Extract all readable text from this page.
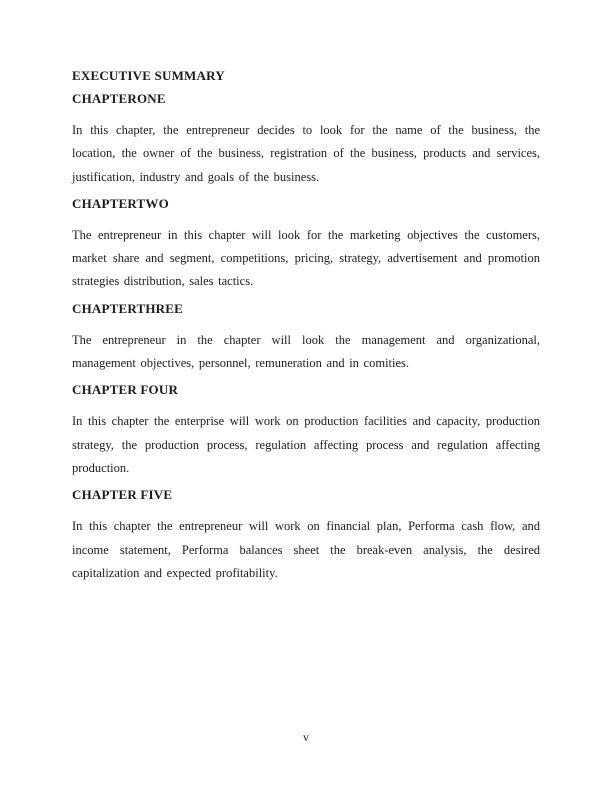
EXECUTIVE SUMMARY
CHAPTERONE

In this chapter, the entrepreneur decides to look for the name of the business, the location, the owner of the business, registration of the business, products and services, justification, industry and goals of the business.

CHAPTERTWO

The entrepreneur in this chapter will look for the marketing objectives the customers, market share and segment, competitions, pricing, strategy, advertisement and promotion strategies distribution, sales tactics.

CHAPTERTHREE

The entrepreneur in the chapter will look the management and organizational, management objectives, personnel, remuneration and in comities.

CHAPTER FOUR

In this chapter the enterprise will work on production facilities and capacity, production strategy, the production process, regulation affecting process and regulation affecting production.

CHAPTER FIVE

In this chapter the entrepreneur will work on financial plan, Performa cash flow, and income statement, Performa balances sheet the break-even analysis, the desired capitalization and expected profitability.

v
